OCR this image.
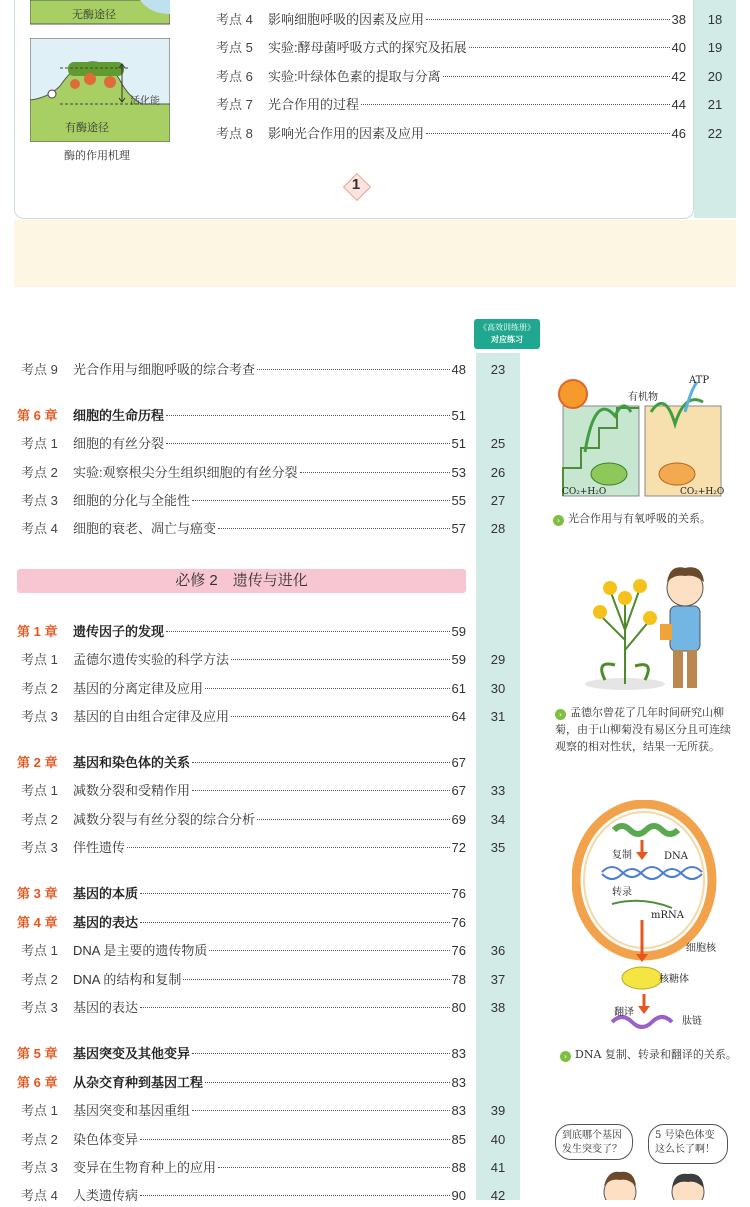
无酶途径
活化能
有酶途径
酶的作用机理
考点 4	影响细胞呼吸的因素及应用	38	18
考点 5	实验:酵母菌呼吸方式的探究及拓展	40	19
考点 6	实验:叶绿体色素的提取与分离	42	20
考点 7	光合作用的过程	44	21
考点 8	影响光合作用的因素及应用	46	22
1
《高效训练册》
对应练习
必修 2　遗传与进化
考点 9	光合作用与细胞呼吸的综合考查	48	23
第 6 章	细胞的生命历程	51
考点 1	细胞的有丝分裂	51	25
考点 2	实验:观察根尖分生组织细胞的有丝分裂	53	26
考点 3	细胞的分化与全能性	55	27
考点 4	细胞的衰老、凋亡与癌变	57	28
第 1 章	遗传因子的发现	59
考点 1	孟德尔遗传实验的科学方法	59	29
考点 2	基因的分离定律及应用	61	30
考点 3	基因的自由组合定律及应用	64	31
第 2 章	基因和染色体的关系	67
考点 1	减数分裂和受精作用	67	33
考点 2	减数分裂与有丝分裂的综合分析	69	34
考点 3	伴性遗传	72	35
第 3 章	基因的本质	76
第 4 章	基因的表达	76
考点 1	DNA 是主要的遗传物质	76	36
考点 2	DNA 的结构和复制	78	37
考点 3	基因的表达	80	38
第 5 章	基因突变及其他变异	83
第 6 章	从杂交育种到基因工程	83
考点 1	基因突变和基因重组	83	39
考点 2	染色体变异	85	40
考点 3	变异在生物育种上的应用	88	41
考点 4	人类遗传病	90	42
有机物
ATP
CO₂+H₂O	CO₂+H₂O
› 光合作用与有氧呼吸的关系。
› 孟德尔曾花了几年时间研究山柳菊，由于山柳菊没有易区分且可连续观察的相对性状，结果一无所获。
复制	DNA
转录
mRNA
细胞核
核糖体
翻译
肽链
› DNA 复制、转录和翻译的关系。
到底哪个基因发生突变了？
5 号染色体变这么长了啊！
